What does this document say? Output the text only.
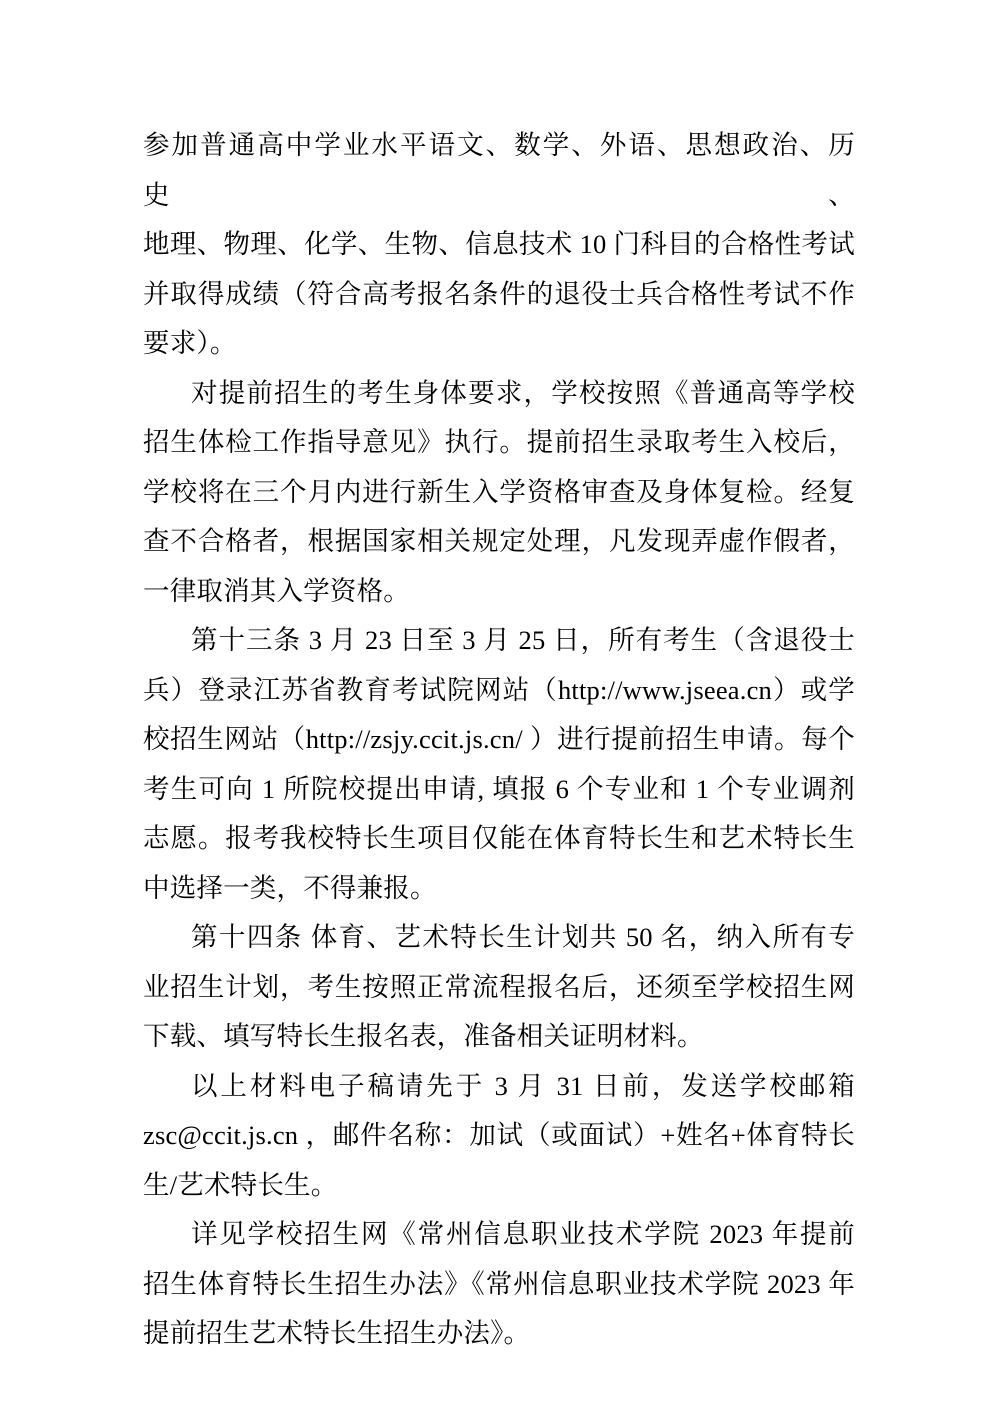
参加普通高中学业水平语文、数学、外语、思想政治、历史、
地理、物理、化学、生物、信息技术 10 门科目的合格性考试
并取得成绩（符合高考报名条件的退役士兵合格性考试不作
要求）。

对提前招生的考生身体要求，学校按照《普通高等学校
招生体检工作指导意见》执行。提前招生录取考生入校后，
学校将在三个月内进行新生入学资格审查及身体复检。经复
查不合格者，根据国家相关规定处理，凡发现弄虚作假者，
一律取消其入学资格。

第十三条 3 月 23 日至 3 月 25 日，所有考生（含退役士
兵）登录江苏省教育考试院网站（http://www.jseea.cn）或学
校招生网站（http://zsjy.ccit.js.cn/ ）进行提前招生申请。每个
考生可向 1 所院校提出申请, 填报 6 个专业和 1 个专业调剂
志愿。报考我校特长生项目仅能在体育特长生和艺术特长生
中选择一类，不得兼报。

第十四条 体育、艺术特长生计划共 50 名，纳入所有专
业招生计划，考生按照正常流程报名后，还须至学校招生网
下载、填写特长生报名表，准备相关证明材料。

以上材料电子稿请先于 3 月 31 日前，发送学校邮箱
zsc@ccit.js.cn ，邮件名称：加试（或面试）+姓名+体育特长
生/艺术特长生。

详见学校招生网《常州信息职业技术学院 2023 年提前
招生体育特长生招生办法》《常州信息职业技术学院 2023 年
提前招生艺术特长生招生办法》。
